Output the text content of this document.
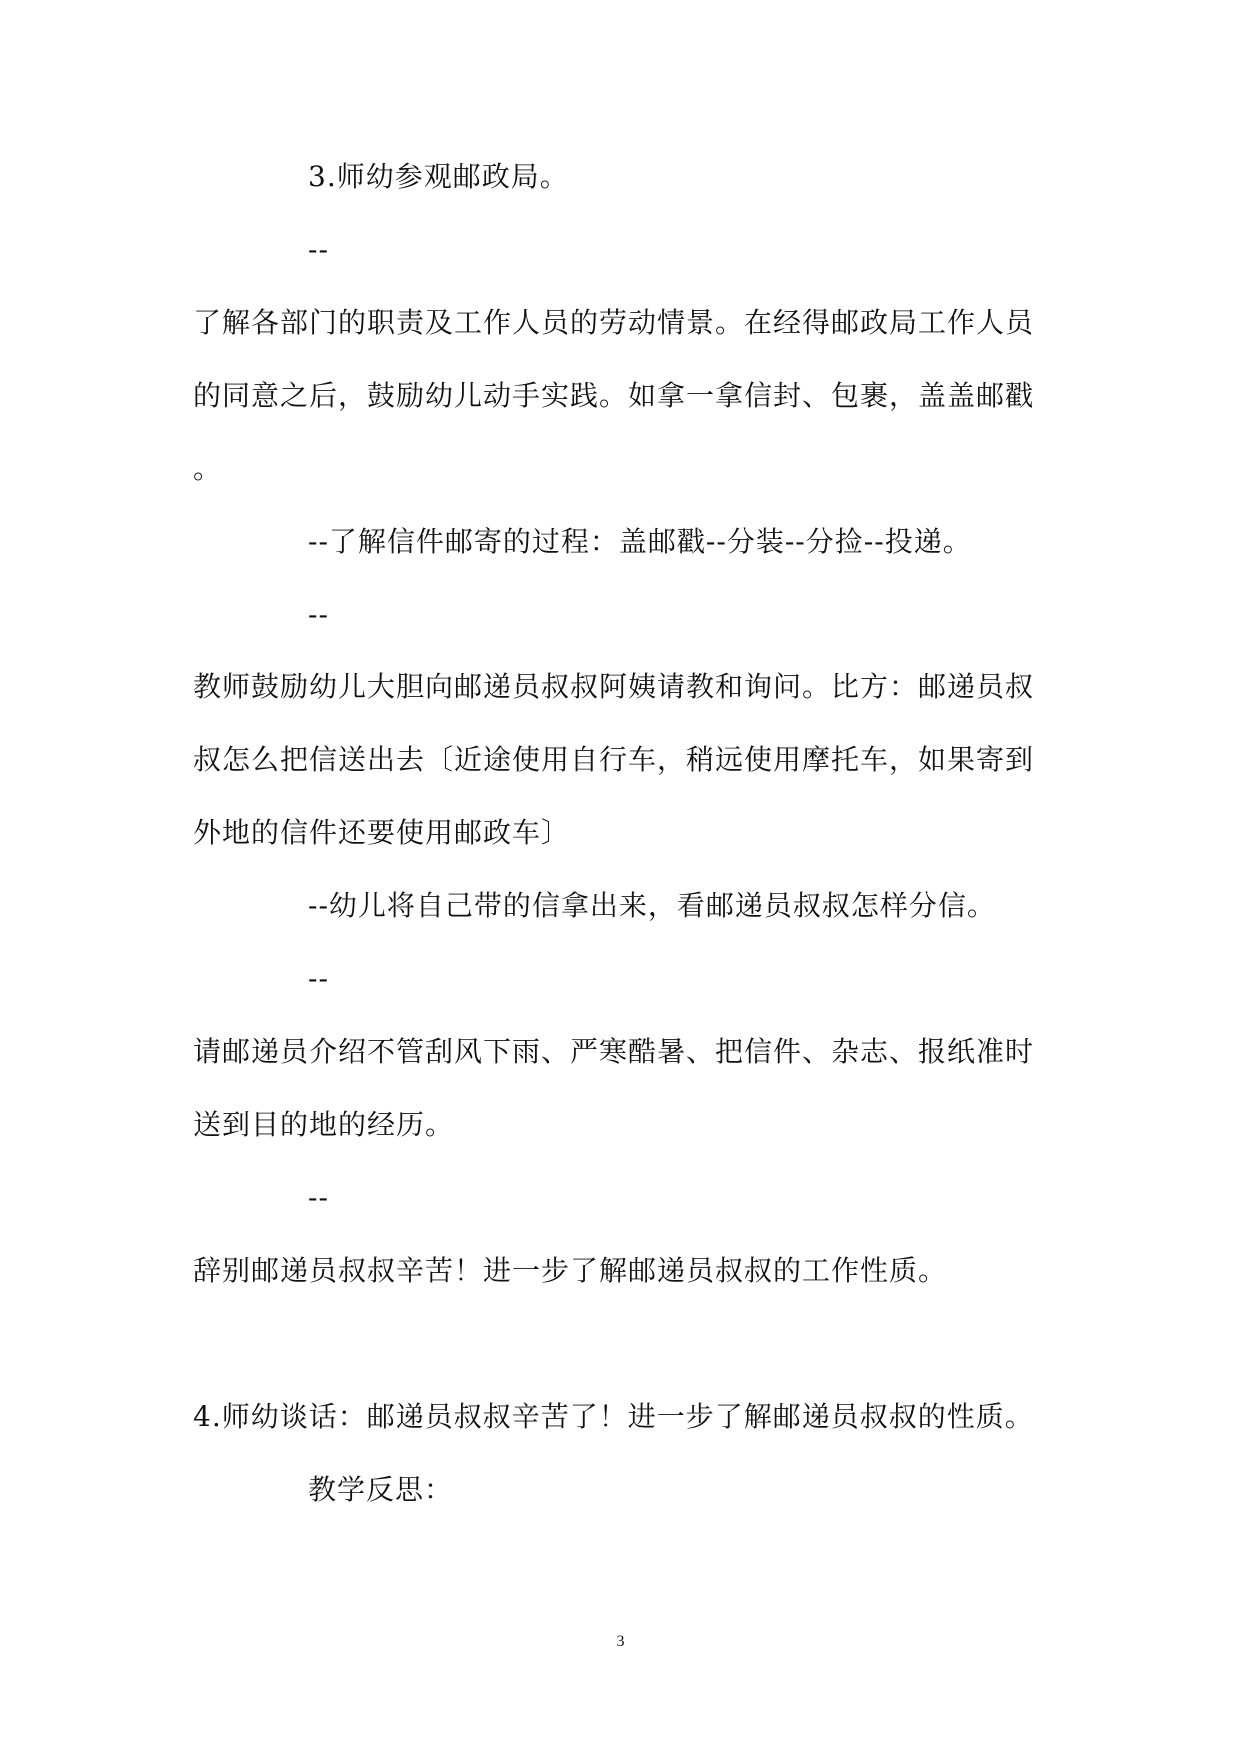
3.师幼参观邮政局。
--
了解各部门的职责及工作人员的劳动情景。在经得邮政局工作人员
的同意之后，鼓励幼儿动手实践。如拿一拿信封、包裹，盖盖邮戳
。
--了解信件邮寄的过程：盖邮戳--分装--分捡--投递。
--
教师鼓励幼儿大胆向邮递员叔叔阿姨请教和询问。比方：邮递员叔
叔怎么把信送出去〔近途使用自行车，稍远使用摩托车，如果寄到
外地的信件还要使用邮政车〕
--幼儿将自己带的信拿出来，看邮递员叔叔怎样分信。
--
请邮递员介绍不管刮风下雨、严寒酷暑、把信件、杂志、报纸准时
送到目的地的经历。
--
辞别邮递员叔叔辛苦！进一步了解邮递员叔叔的工作性质。
4.师幼谈话：邮递员叔叔辛苦了！进一步了解邮递员叔叔的性质。
教学反思：
3
